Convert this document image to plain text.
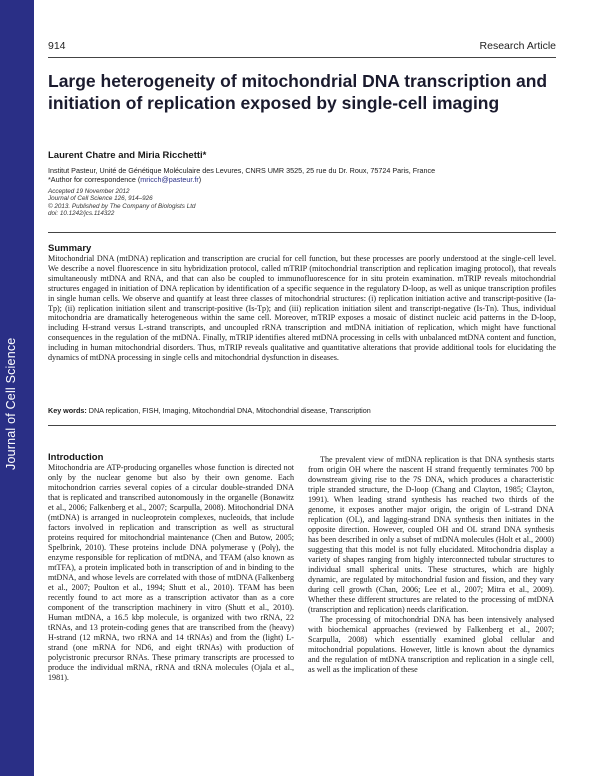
Journal of Cell Science
914	Research Article
Large heterogeneity of mitochondrial DNA transcription and initiation of replication exposed by single-cell imaging
Laurent Chatre and Miria Ricchetti*
Institut Pasteur, Unité de Génétique Moléculaire des Levures, CNRS UMR 3525, 25 rue du Dr. Roux, 75724 Paris, France
*Author for correspondence (mricch@pasteur.fr)
Accepted 19 November 2012
Journal of Cell Science 126, 914–926
© 2013. Published by The Company of Biologists Ltd
doi: 10.1242/jcs.114322
Summary

Mitochondrial DNA (mtDNA) replication and transcription are crucial for cell function, but these processes are poorly understood at the single-cell level. We describe a novel fluorescence in situ hybridization protocol, called mTRIP (mitochondrial transcription and replication imaging protocol), that reveals simultaneously mtDNA and RNA, and that can also be coupled to immunofluorescence for in situ protein examination. mTRIP reveals mitochondrial structures engaged in initiation of DNA replication by identification of a specific sequence in the regulatory D-loop, as well as unique transcription profiles in single human cells. We observe and quantify at least three classes of mitochondrial structures: (i) replication initiation active and transcript-positive (Ia-Tp); (ii) replication initiation silent and transcript-positive (Is-Tp); and (iii) replication initiation silent and transcript-negative (Is-Tn). Thus, individual mitochondria are dramatically heterogeneous within the same cell. Moreover, mTRIP exposes a mosaic of distinct nucleic acid patterns in the D-loop, including H-strand versus L-strand transcripts, and uncoupled rRNA transcription and mtDNA initiation of replication, which might have functional consequences in the regulation of the mtDNA. Finally, mTRIP identifies altered mtDNA processing in cells with unbalanced mtDNA content and function, including in human mitochondrial disorders. Thus, mTRIP reveals qualitative and quantitative alterations that provide additional tools for elucidating the dynamics of mtDNA processing in single cells and mitochondrial dysfunction in diseases.

Key words: DNA replication, FISH, Imaging, Mitochondrial DNA, Mitochondrial disease, Transcription
Introduction

Mitochondria are ATP-producing organelles whose function is directed not only by the nuclear genome but also by their own genome. Each mitochondrion carries several copies of a circular double-stranded DNA that is replicated and transcribed autonomously in the organelle (Bonawitz et al., 2006; Falkenberg et al., 2007; Scarpulla, 2008). Mitochondrial DNA (mtDNA) is arranged in nucleoprotein complexes, nucleoids, that include factors involved in replication and transcription as well as structural proteins required for mitochondrial maintenance (Chen and Butow, 2005; Spelbrink, 2010). These proteins include DNA polymerase γ (Polγ), the enzyme responsible for replication of mtDNA, and TFAM (also known as mtTFA), a protein implicated both in transcription of and in binding to the mtDNA, and whose levels are correlated with those of mtDNA (Falkenberg et al., 2007; Poulton et al., 1994; Shutt et al., 2010). TFAM has been recently found to act more as a transcription activator than as a core component of the transcription machinery in vitro (Shutt et al., 2010). Human mtDNA, a 16.5 kbp molecule, is organized with two rRNA, 22 tRNAs, and 13 protein-coding genes that are transcribed from the (heavy) H-strand (12 mRNA, two rRNA and 14 tRNAs) and from the (light) L-strand (one mRNA for ND6, and eight tRNAs) with production of polycistronic precursor RNAs. These primary transcripts are processed to produce the individual mRNA, rRNA and tRNA molecules (Ojala et al., 1981).

The prevalent view of mtDNA replication is that DNA synthesis starts from origin OH where the nascent H strand frequently terminates 700 bp downstream giving rise to the 7S DNA, which produces a characteristic triple stranded structure, the D-loop (Chang and Clayton, 1985; Clayton, 1991). When leading strand synthesis has reached two thirds of the genome, it exposes another major origin, the origin of L-strand DNA replication (OL), and lagging-strand DNA synthesis then initiates in the opposite direction. However, coupled OH and OL strand DNA synthesis has been described in only a subset of mtDNA molecules (Holt et al., 2000) suggesting that this model is not fully elucidated. Mitochondria display a variety of shapes ranging from highly interconnected tubular structures to individual small spherical units. These structures, which are highly dynamic, are regulated by mitochondrial fusion and fission, and they vary during cell growth (Chan, 2006; Lee et al., 2007; Mitra et al., 2009). Whether these different structures are related to the processing of mtDNA (transcription and replication) needs clarification.

The processing of mitochondrial DNA has been intensively analysed with biochemical approaches (reviewed by Falkenberg et al., 2007; Scarpulla, 2008) which essentially examined global cellular and mitochondrial populations. However, little is known about the dynamics and the regulation of mtDNA transcription and replication in a single cell, as well as the implication of these
